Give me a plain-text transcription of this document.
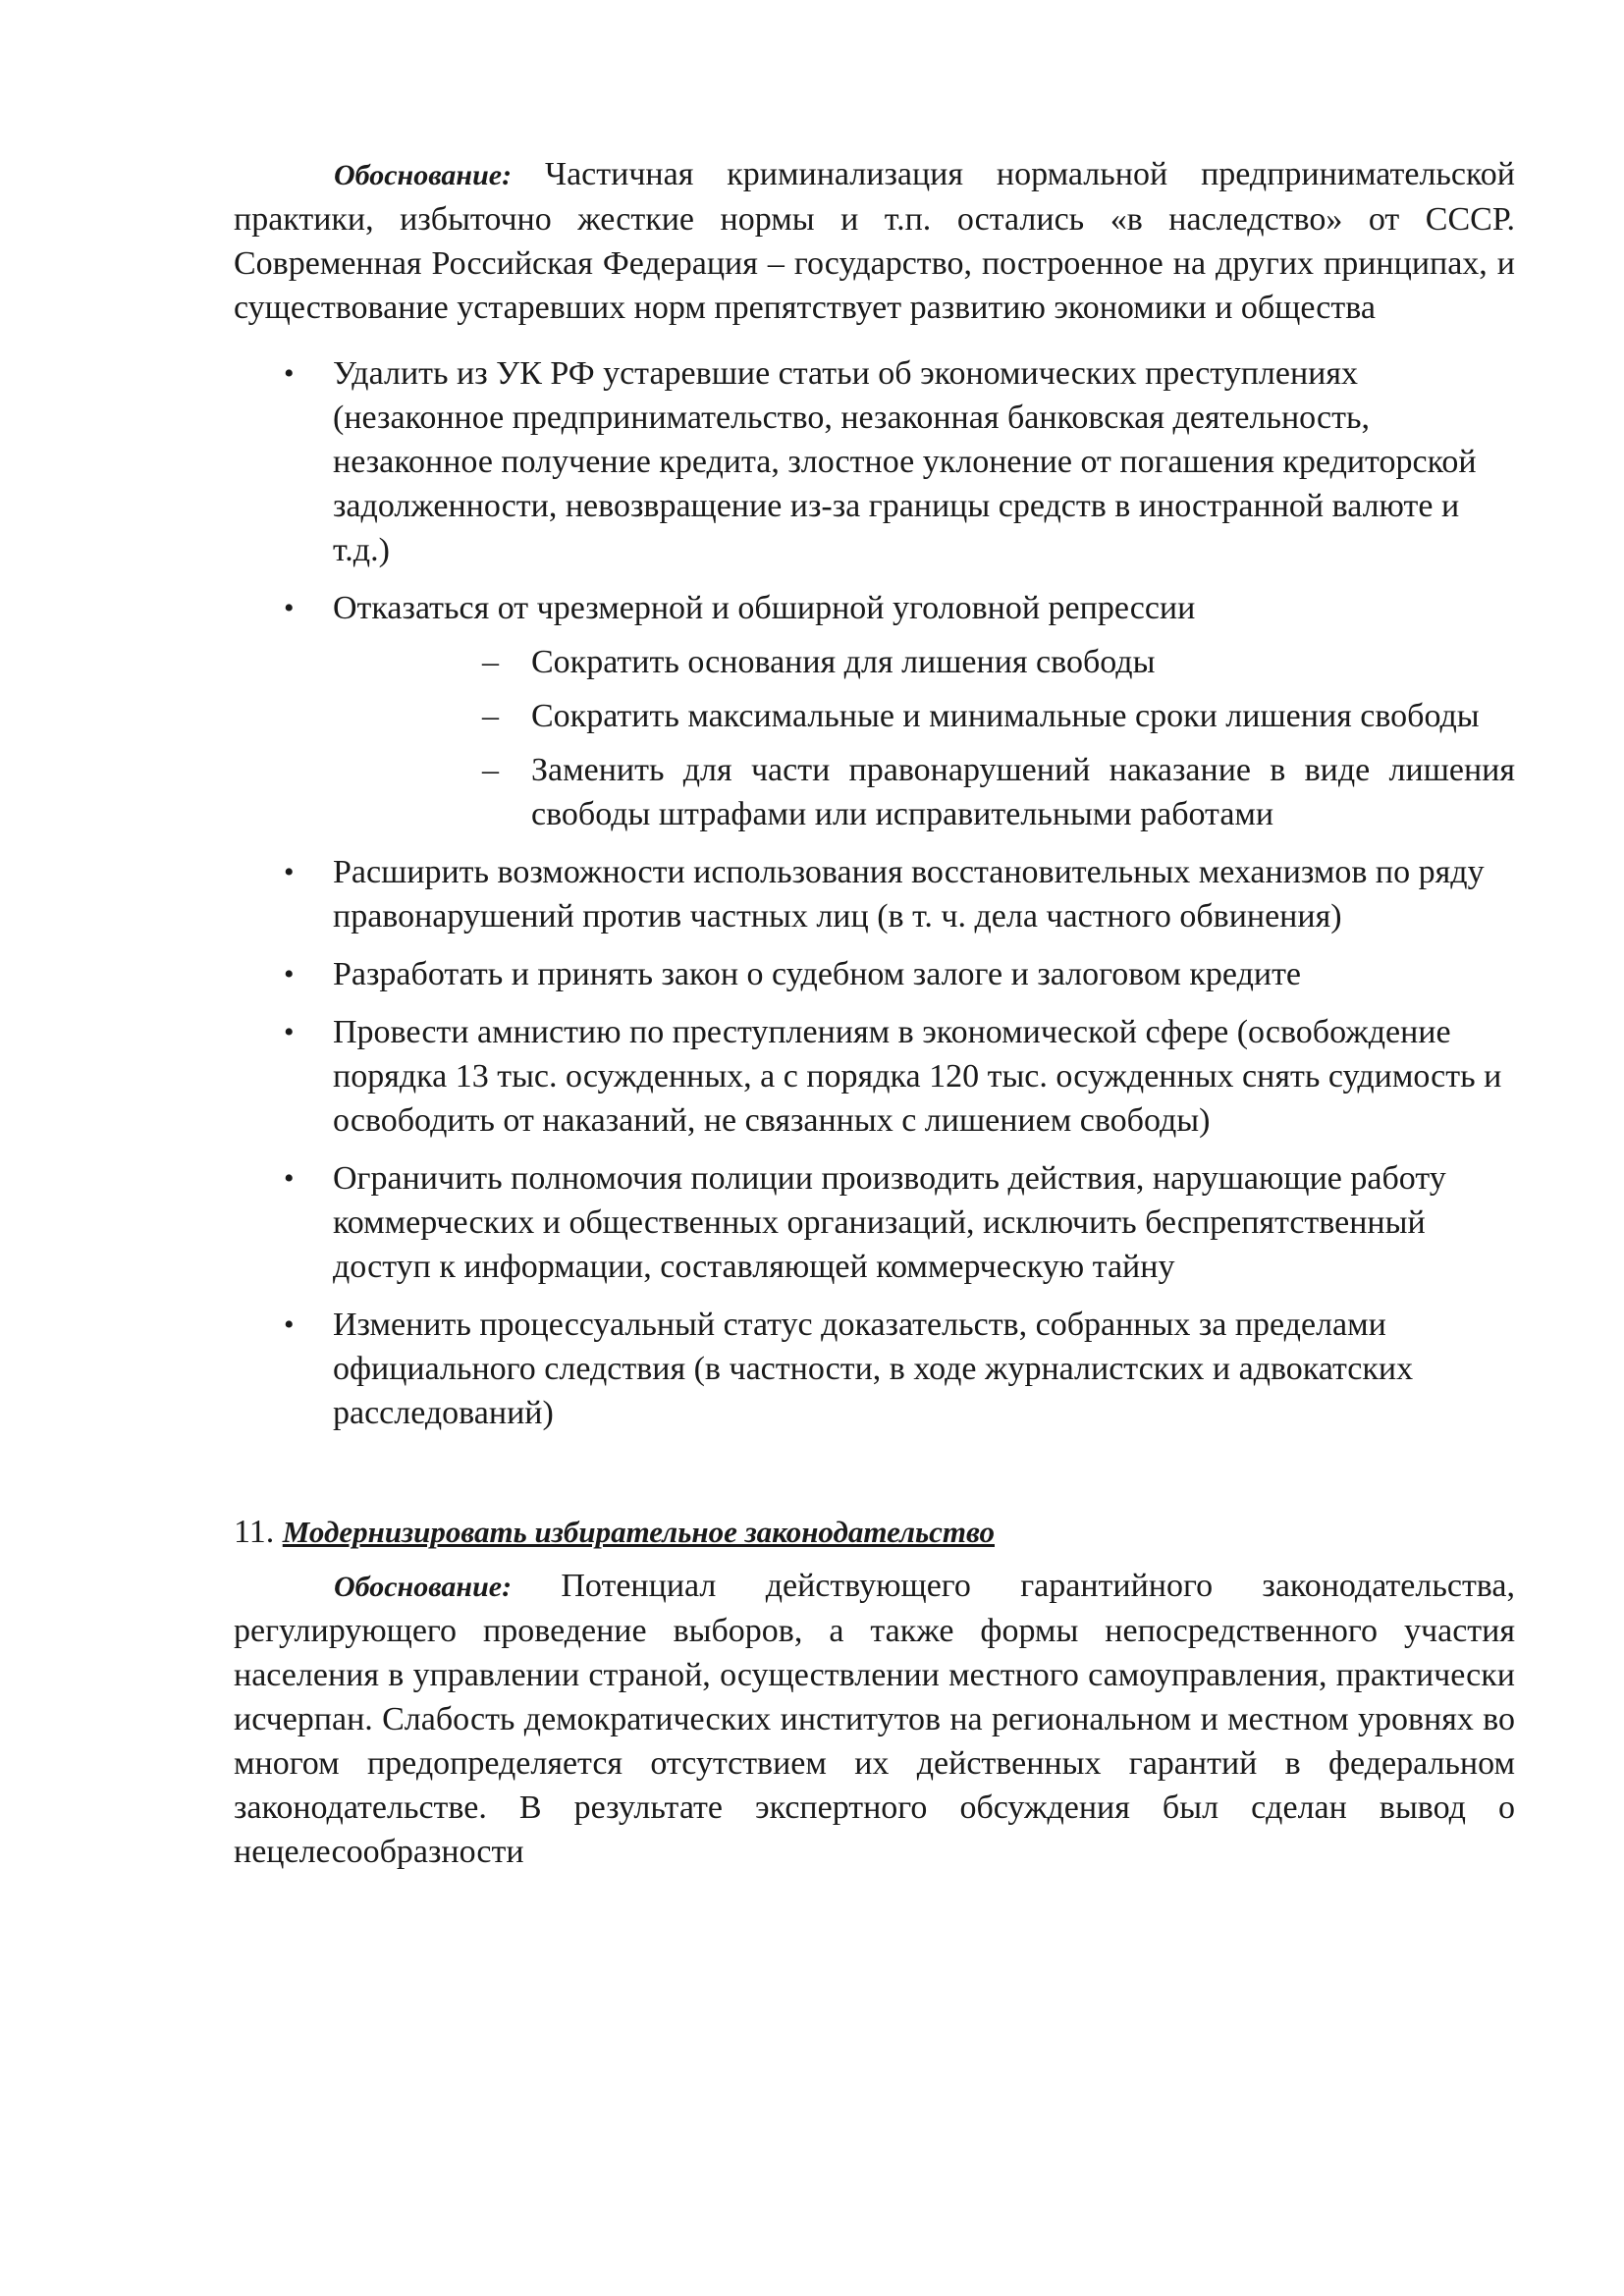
Обоснование: Частичная криминализация нормальной предпринимательской практики, избыточно жесткие нормы и т.п. остались «в наследство» от СССР. Современная Российская Федерация – государство, построенное на других принципах, и существование устаревших норм препятствует развитию экономики и общества

• Удалить из УК РФ устаревшие статьи об экономических преступлениях (незаконное предпринимательство, незаконная банковская деятельность, незаконное получение кредита, злостное уклонение от погашения кредиторской задолженности, невозвращение из-за границы средств в иностранной валюте и т.д.)
• Отказаться от чрезмерной и обширной уголовной репрессии
– Сократить основания для лишения свободы
– Сократить максимальные и минимальные сроки лишения свободы
– Заменить для части правонарушений наказание в виде лишения свободы штрафами или исправительными работами
• Расширить возможности использования восстановительных механизмов по ряду правонарушений против частных лиц (в т. ч. дела частного обвинения)
• Разработать и принять закон о судебном залоге и залоговом кредите
• Провести амнистию по преступлениям в экономической сфере (освобождение порядка 13 тыс. осужденных, а с порядка 120 тыс. осужденных снять судимость и освободить от наказаний, не связанных с лишением свободы)
• Ограничить полномочия полиции производить действия, нарушающие работу коммерческих и общественных организаций, исключить беспрепятственный доступ к информации, составляющей коммерческую тайну
• Изменить процессуальный статус доказательств, собранных за пределами официального следствия (в частности, в ходе журналистских и адвокатских расследований)
11. Модернизировать избирательное законодательство

Обоснование: Потенциал действующего гарантийного законодательства, регулирующего проведение выборов, а также формы непосредственного участия населения в управлении страной, осуществлении местного самоуправления, практически исчерпан. Слабость демократических институтов на региональном и местном уровнях во многом предопределяется отсутствием их действенных гарантий в федеральном законодательстве. В результате экспертного обсуждения был сделан вывод о нецелесообразности
